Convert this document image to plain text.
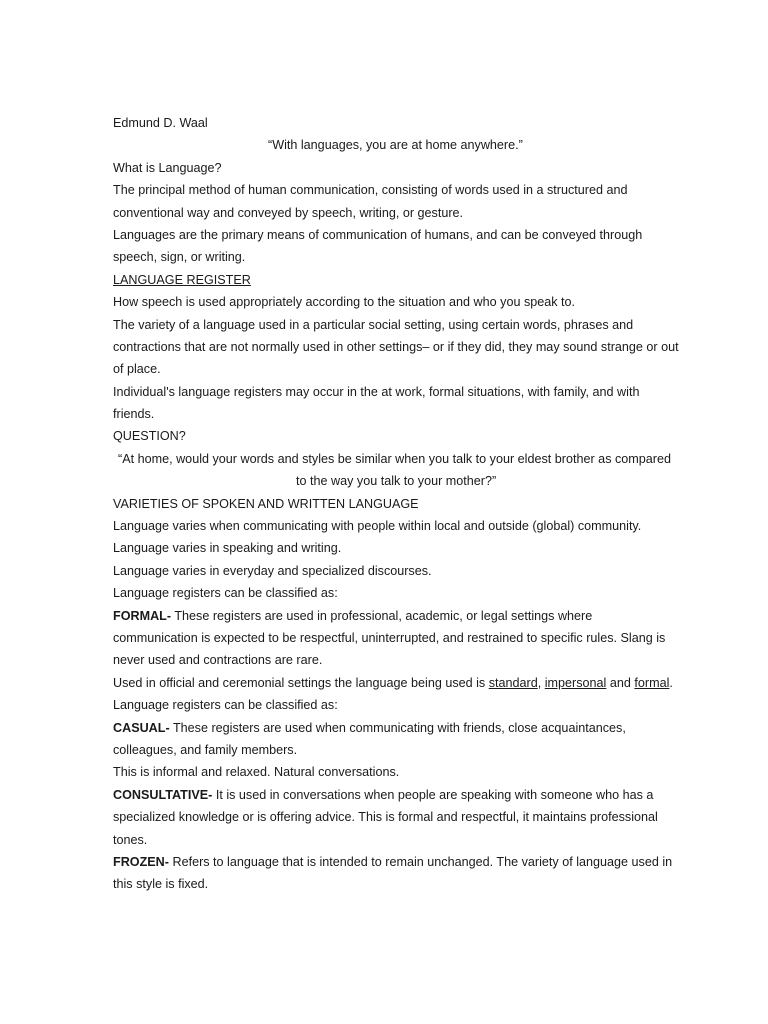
Edmund D. Waal

“With languages, you are at home anywhere.”

What is Language?

The principal method of human communication, consisting of words used in a structured and

conventional way and conveyed by speech, writing, or gesture.

Languages are the primary means of communication of humans, and can be conveyed through

speech, sign, or writing.

LANGUAGE REGISTER

How speech is used appropriately according to the situation and who you speak to.

The variety of a language used in a particular social setting, using certain words, phrases and

contractions that are not normally used in other settings– or if they did, they may sound strange or out

of place.

Individual's language registers may occur in the at work, formal situations, with family, and with

friends.

QUESTION?

“At home, would your words and styles be similar when you talk to your eldest brother as compared

to the way you talk to your mother?”

VARIETIES OF SPOKEN AND WRITTEN LANGUAGE

Language varies when communicating with people within local and outside (global) community.

Language varies in speaking and writing.

Language varies in everyday and specialized discourses.

Language registers can be classified as:

FORMAL- These registers are used in professional, academic, or legal settings where

communication is expected to be respectful, uninterrupted, and restrained to specific rules. Slang is

never used and contractions are rare.

Used in official and ceremonial settings the language being used is standard, impersonal and formal.

Language registers can be classified as:

CASUAL- These registers are used when communicating with friends, close acquaintances,

colleagues, and family members.

This is informal and relaxed. Natural conversations.

CONSULTATIVE- It is used in conversations when people are speaking with someone who has a

specialized knowledge or is offering advice. This is formal and respectful, it maintains professional

tones.

FROZEN- Refers to language that is intended to remain unchanged. The variety of language used in

this style is fixed.
